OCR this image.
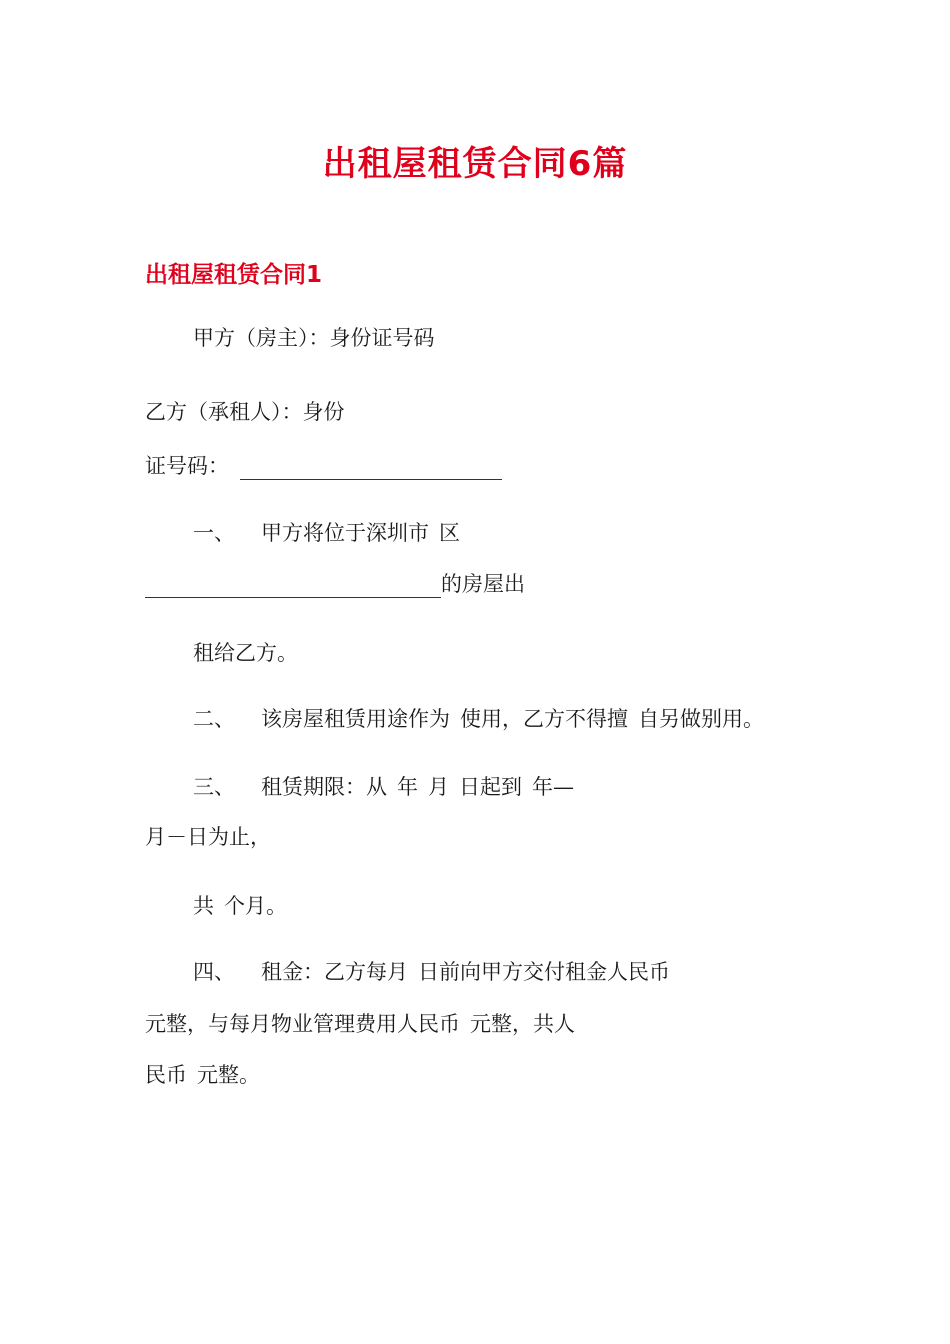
出租屋租赁合同6篇
出租屋租赁合同1
甲方（房主）：身份证号码
乙方（承租人）：身份
证号码：
一、 甲方将位于深圳市 区
的房屋出
租给乙方。
二、 该房屋租赁用途作为 使用，乙方不得擅 自另做别用。
三、 租赁期限：从 年 月 日起到 年—
月－日为止，
共 个月。
四、 租金：乙方每月 日前向甲方交付租金人民币
元整，与每月物业管理费用人民币 元整，共人
民币 元整。
